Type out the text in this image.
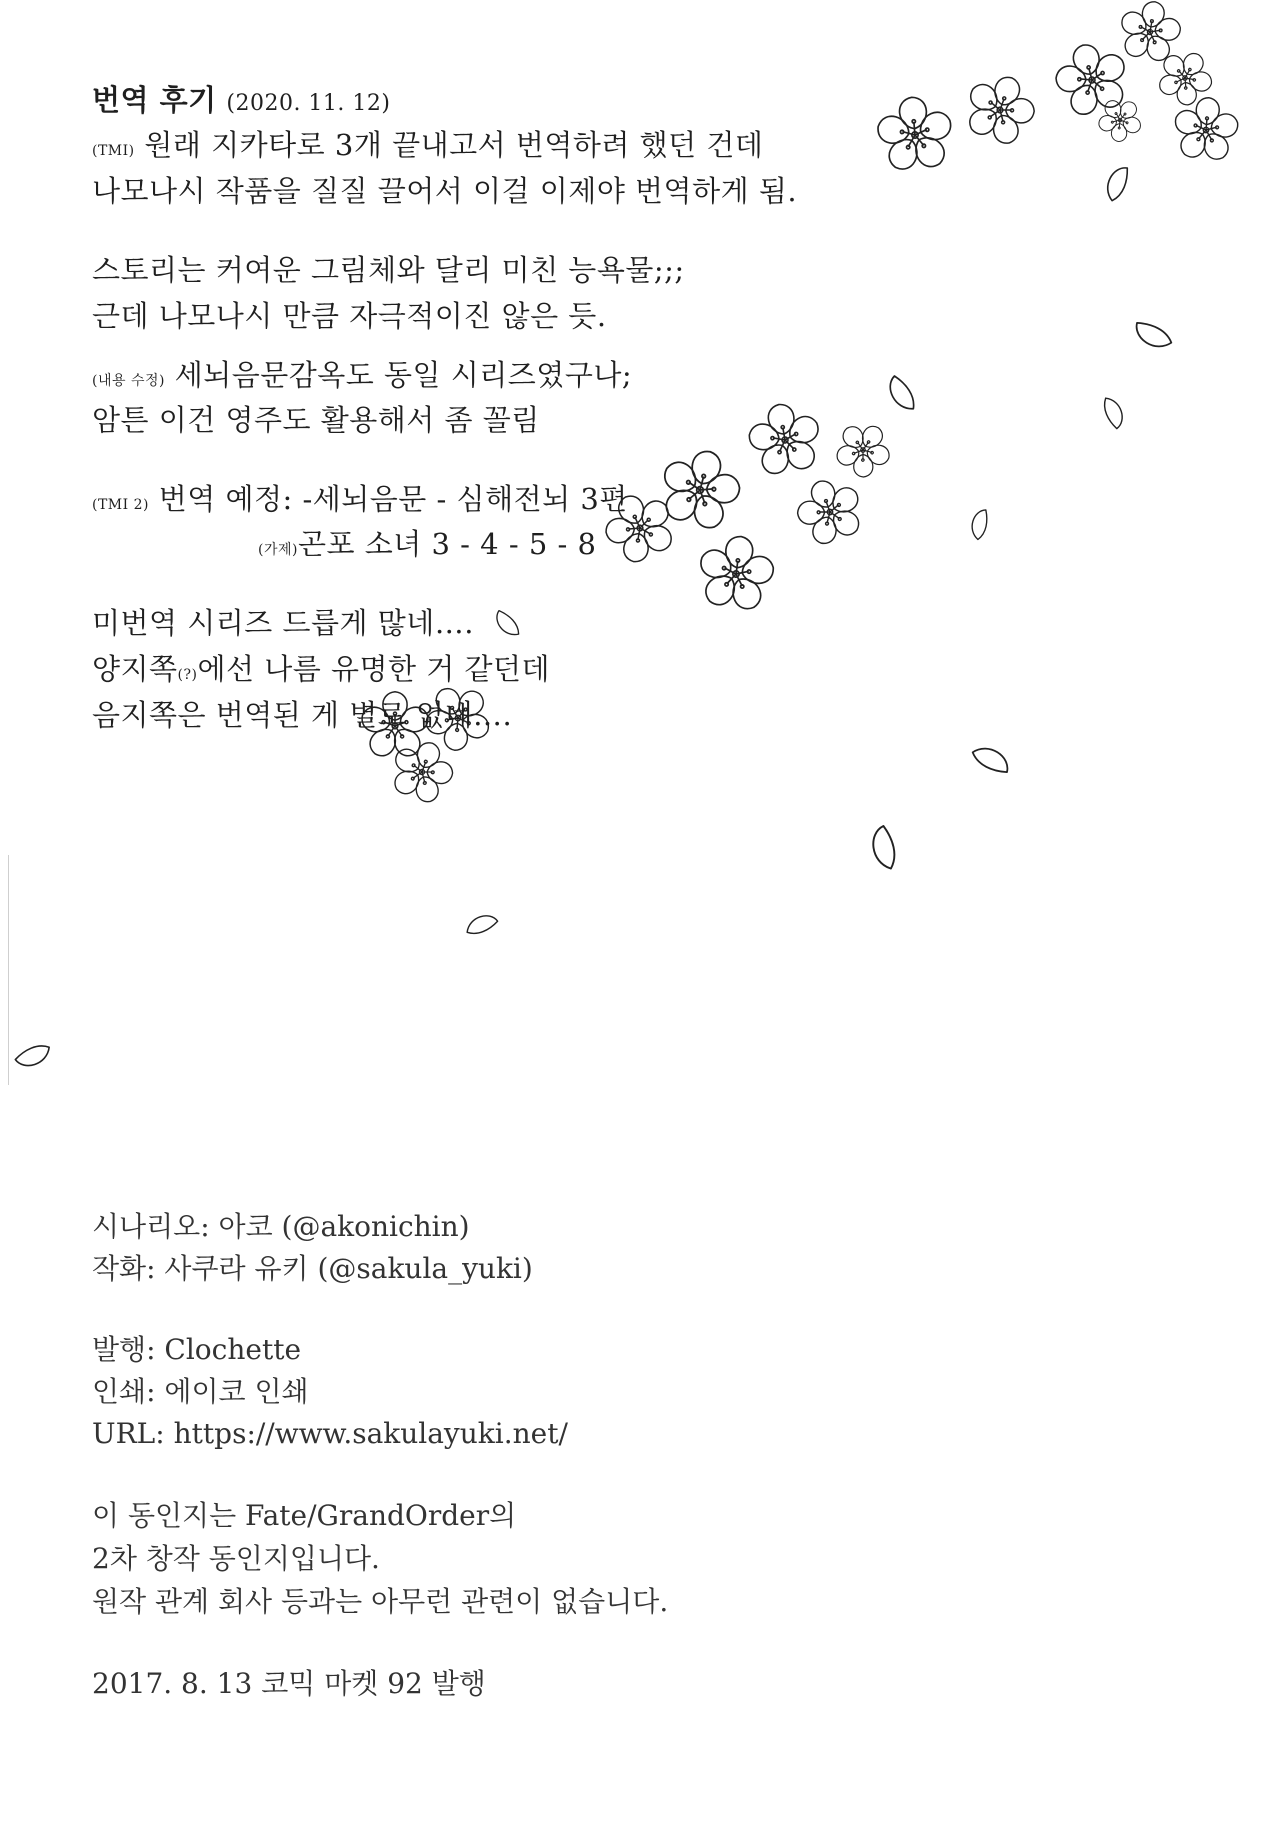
번역 후기 (2020. 11. 12)
(TMI) 원래 지카타로 3개 끝내고서 번역하려 했던 건데
나모나시 작품을 질질 끌어서 이걸 이제야 번역하게 됨.
스토리는 커여운 그림체와 달리 미친 능욕물;;;
근데 나모나시 만큼 자극적이진 않은 듯.
(내용 수정) 세뇌음문감옥도 동일 시리즈였구나;
암튼 이건 영주도 활용해서 좀 꼴림
(TMI 2) 번역 예정: -세뇌음문 - 심해전뇌 3편
(가제)곤포 소녀 3 - 4 - 5 - 8
미번역 시리즈 드릅게 많네….
양지쪽(?)에선 나름 유명한 거 같던데
음지쪽은 번역된 게 별로 없네….
시나리오: 아코 (@akonichin)
작화: 사쿠라 유키 (@sakula_yuki)
발행: Clochette
인쇄: 에이코 인쇄
URL: https://www.sakulayuki.net/
이 동인지는 Fate/GrandOrder의
2차 창작 동인지입니다.
원작 관계 회사 등과는 아무런 관련이 없습니다.
2017. 8. 13 코믹 마켓 92 발행
